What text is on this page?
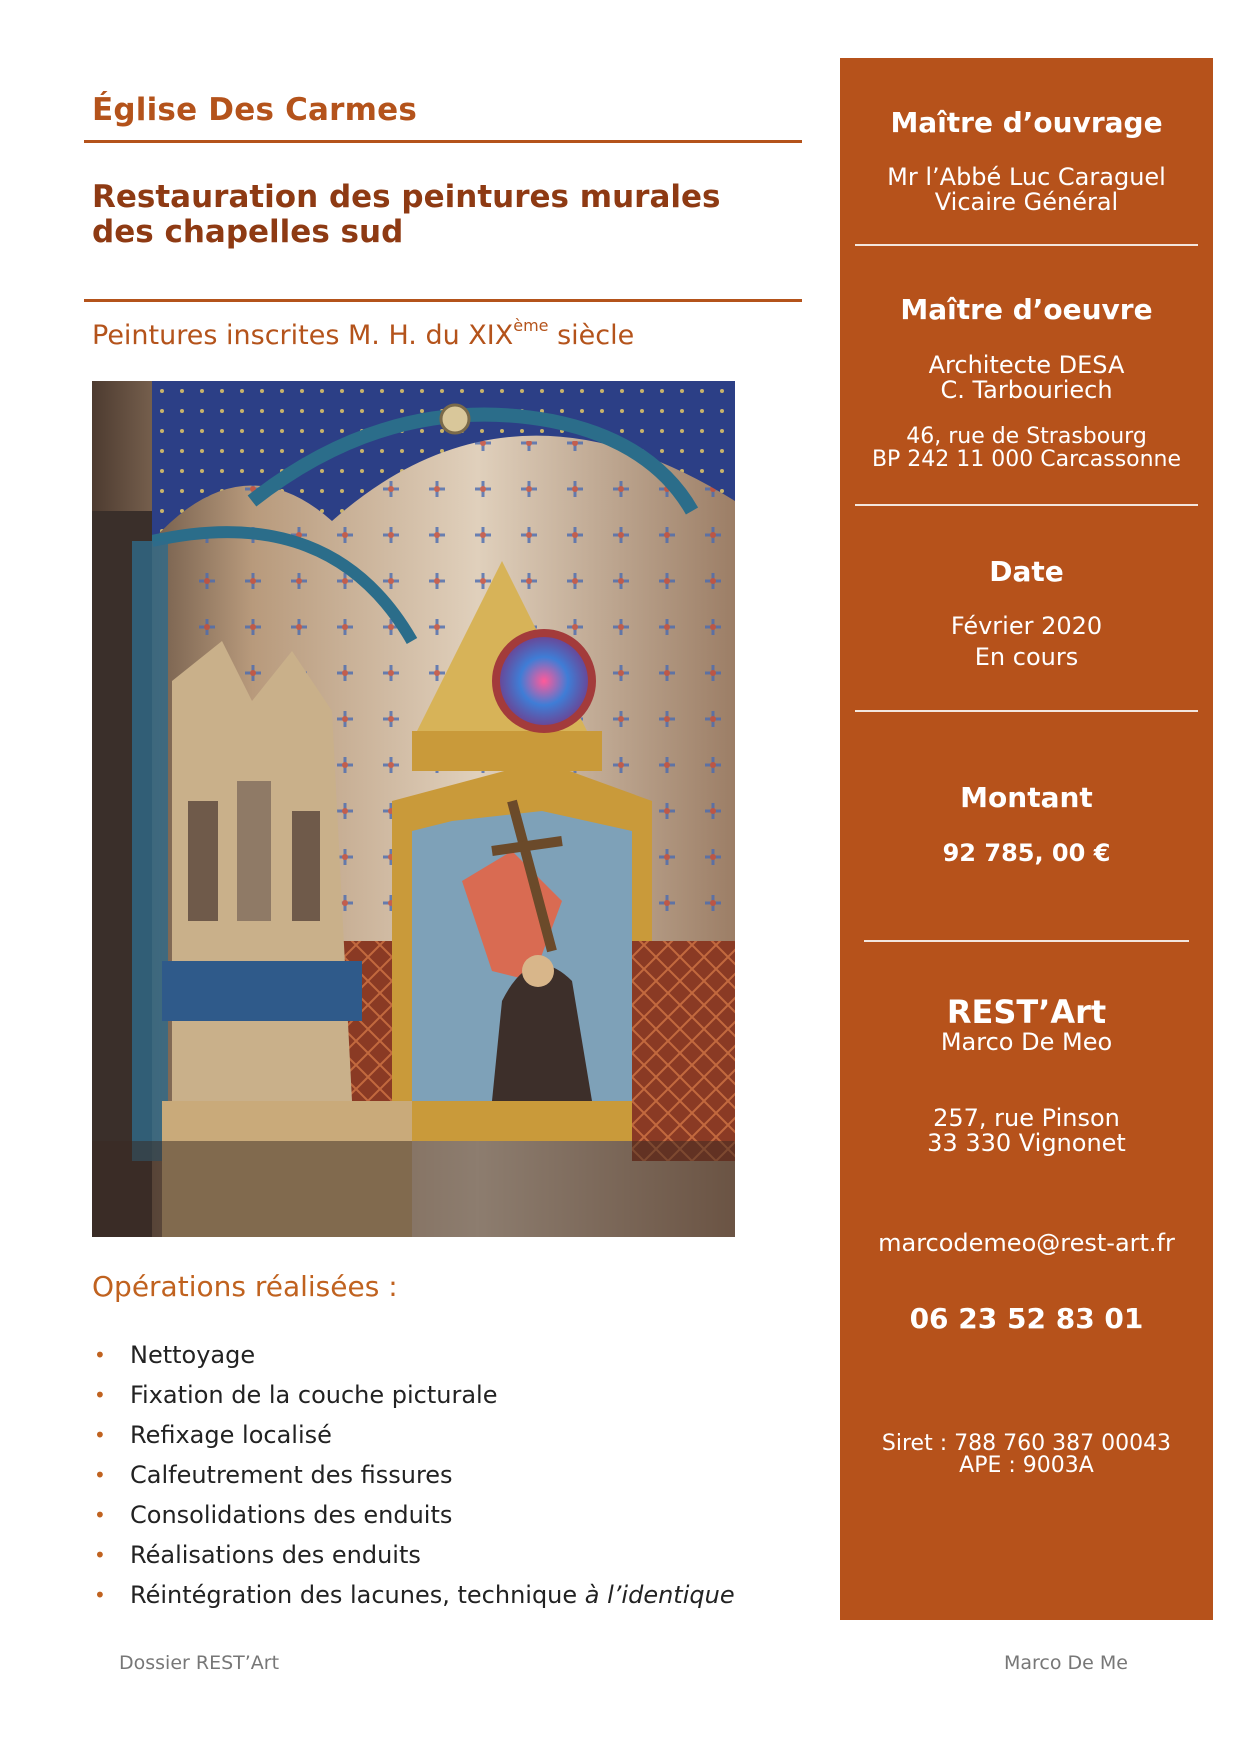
Église Des Carmes
Restauration des peintures murales
des chapelles sud
Peintures inscrites M. H. du XIXème siècle
Opérations réalisées :
• Nettoyage
• Fixation de la couche picturale
• Refixage localisé
• Calfeutrement des fissures
• Consolidations des enduits
• Réalisations des enduits
• Réintégration des lacunes, technique à l’identique
Dossier REST’Art	Marco De Me
Maître d’ouvrage
Mr l’Abbé Luc Caraguel
Vicaire Général
Maître d’oeuvre
Architecte DESA
C. Tarbouriech
46, rue de Strasbourg
BP 242 11 000 Carcassonne
Date
Février 2020
En cours
Montant
92 785, 00 €
REST’Art
Marco De Meo
257, rue Pinson
33 330 Vignonet
marcodemeo@rest-art.fr
06 23 52 83 01
Siret : 788 760 387 00043
APE : 9003A
